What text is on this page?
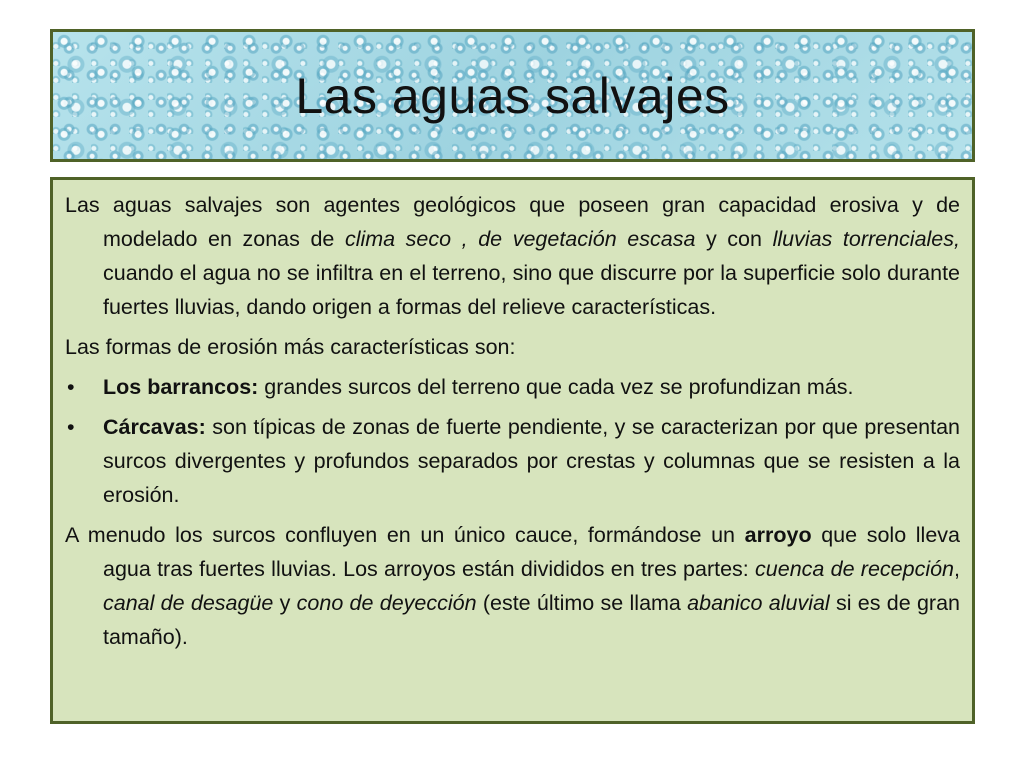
Las aguas salvajes

Las aguas salvajes son agentes geológicos que poseen gran capacidad erosiva y de modelado en zonas de clima seco , de vegetación escasa y con lluvias torrenciales, cuando el agua no se infiltra en el terreno, sino que discurre por la superficie solo durante fuertes lluvias, dando origen a formas del relieve características.

Las formas de erosión más características son:

• Los barrancos: grandes surcos del terreno que cada vez se profundizan más.
• Cárcavas: son típicas de zonas de fuerte pendiente, y se caracterizan por que presentan surcos divergentes y profundos separados por crestas y columnas que se resisten a la erosión.

A menudo los surcos confluyen en un único cauce, formándose un arroyo que solo lleva agua tras fuertes lluvias. Los arroyos están divididos en tres partes: cuenca de recepción, canal de desagüe y cono de deyección (este último se llama abanico aluvial si es de gran tamaño).
